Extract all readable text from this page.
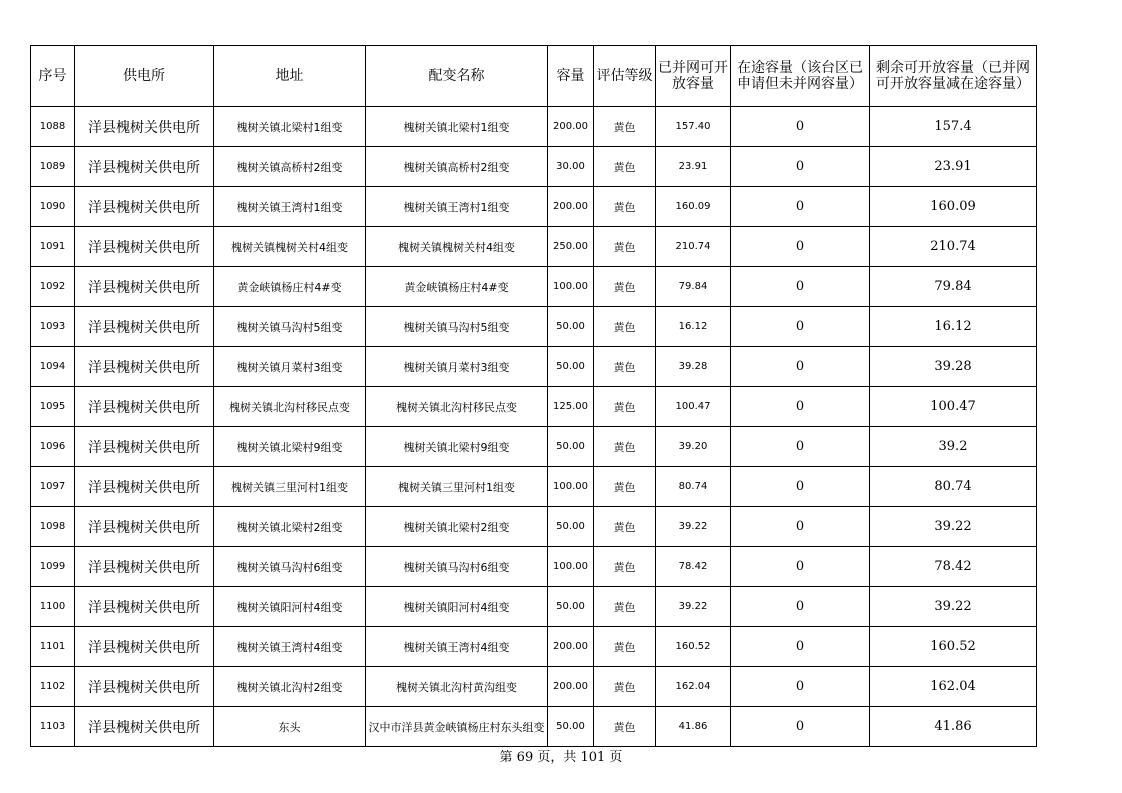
序号	供电所	地址	配变名称	容量	评估等级	已并网可开放容量	在途容量（该台区已申请但未并网容量）	剩余可开放容量（已并网可开放容量减在途容量）
1088	洋县槐树关供电所	槐树关镇北梁村1组变	槐树关镇北梁村1组变	200.00	黄色	157.40	0	157.4
1089	洋县槐树关供电所	槐树关镇高桥村2组变	槐树关镇高桥村2组变	30.00	黄色	23.91	0	23.91
1090	洋县槐树关供电所	槐树关镇王湾村1组变	槐树关镇王湾村1组变	200.00	黄色	160.09	0	160.09
1091	洋县槐树关供电所	槐树关镇槐树关村4组变	槐树关镇槐树关村4组变	250.00	黄色	210.74	0	210.74
1092	洋县槐树关供电所	黄金峡镇杨庄村4#变	黄金峡镇杨庄村4#变	100.00	黄色	79.84	0	79.84
1093	洋县槐树关供电所	槐树关镇马沟村5组变	槐树关镇马沟村5组变	50.00	黄色	16.12	0	16.12
1094	洋县槐树关供电所	槐树关镇月菜村3组变	槐树关镇月菜村3组变	50.00	黄色	39.28	0	39.28
1095	洋县槐树关供电所	槐树关镇北沟村移民点变	槐树关镇北沟村移民点变	125.00	黄色	100.47	0	100.47
1096	洋县槐树关供电所	槐树关镇北梁村9组变	槐树关镇北梁村9组变	50.00	黄色	39.20	0	39.2
1097	洋县槐树关供电所	槐树关镇三里河村1组变	槐树关镇三里河村1组变	100.00	黄色	80.74	0	80.74
1098	洋县槐树关供电所	槐树关镇北梁村2组变	槐树关镇北梁村2组变	50.00	黄色	39.22	0	39.22
1099	洋县槐树关供电所	槐树关镇马沟村6组变	槐树关镇马沟村6组变	100.00	黄色	78.42	0	78.42
1100	洋县槐树关供电所	槐树关镇阳河村4组变	槐树关镇阳河村4组变	50.00	黄色	39.22	0	39.22
1101	洋县槐树关供电所	槐树关镇王湾村4组变	槐树关镇王湾村4组变	200.00	黄色	160.52	0	160.52
1102	洋县槐树关供电所	槐树关镇北沟村2组变	槐树关镇北沟村黄沟组变	200.00	黄色	162.04	0	162.04
1103	洋县槐树关供电所	东头	汉中市洋县黄金峡镇杨庄村东头组变	50.00	黄色	41.86	0	41.86
第 69 页，共 101 页
